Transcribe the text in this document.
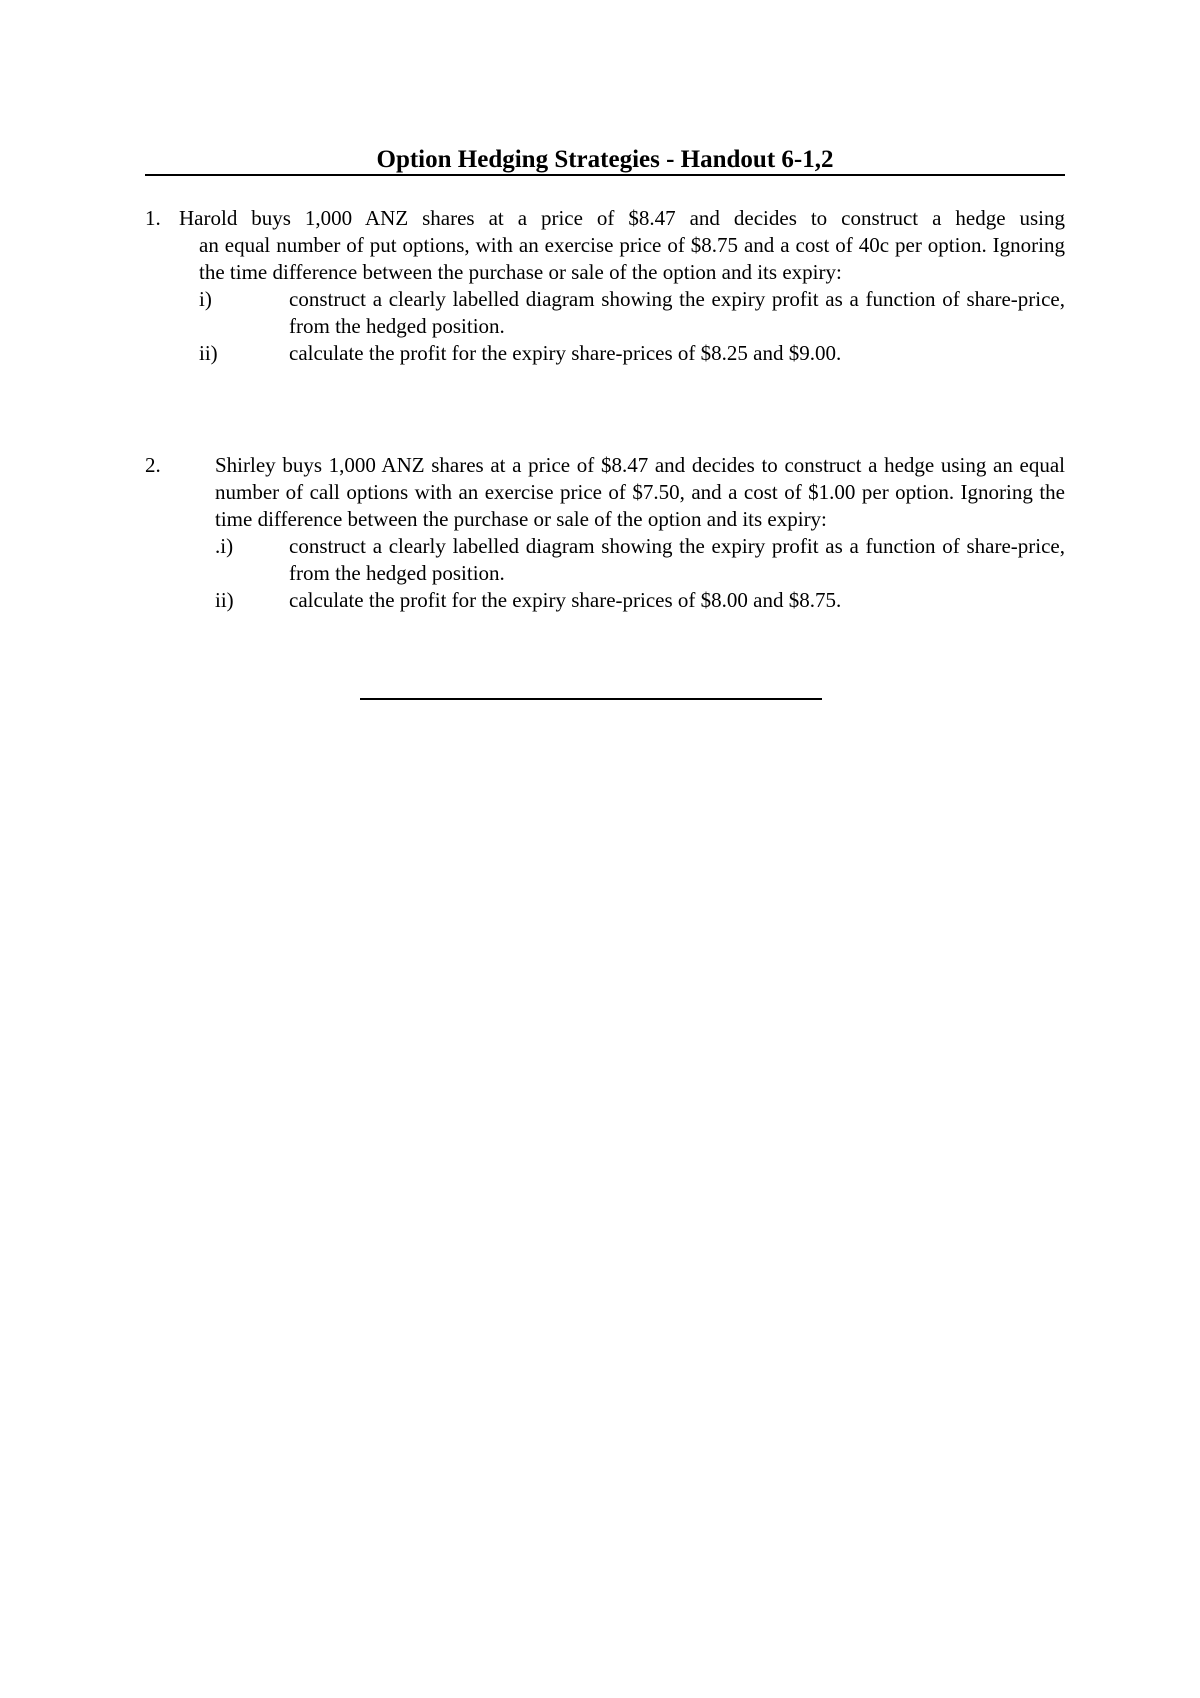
Option Hedging Strategies - Handout 6-1,2
1. Harold buys 1,000 ANZ shares at a price of $8.47 and decides to construct a hedge using

an equal number of put options, with an exercise price of $8.75 and a cost of 40c per option. Ignoring the time difference between the purchase or sale of the option and its expiry:

i)	construct a clearly labelled diagram showing the expiry profit as a function of share-price, from the hedged position.

ii)	calculate the profit for the expiry share-prices of $8.25 and $9.00.

2.	Shirley buys 1,000 ANZ shares at a price of $8.47 and decides to construct a hedge using an equal number of call options with an exercise price of $7.50, and a cost of $1.00 per option. Ignoring the time difference between the purchase or sale of the option and its expiry:

.i)	construct a clearly labelled diagram showing the expiry profit as a function of share-price, from the hedged position.

ii)	calculate the profit for the expiry share-prices of $8.00 and $8.75.
